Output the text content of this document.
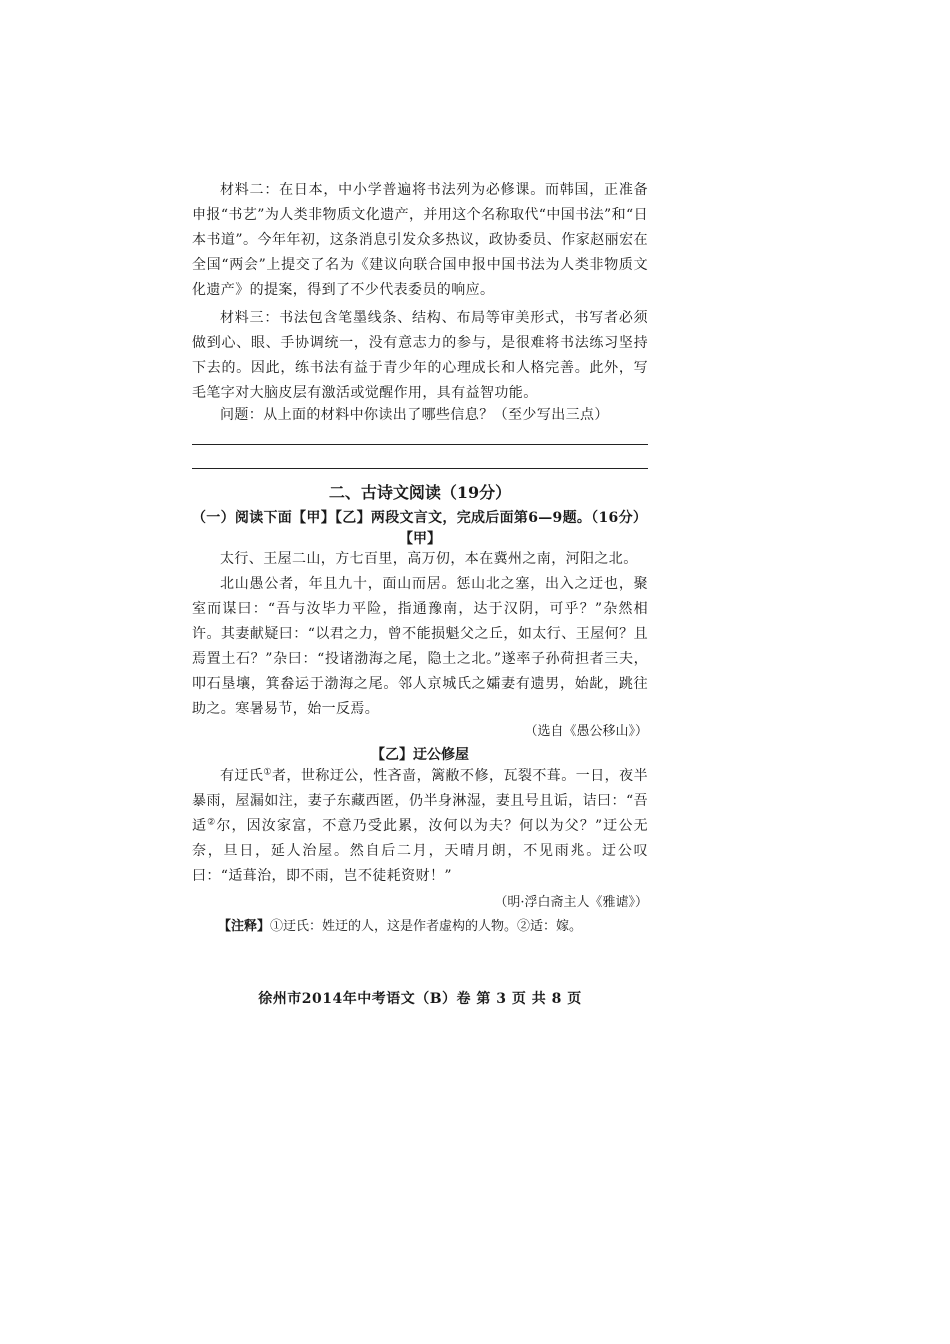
材料二：在日本，中小学普遍将书法列为必修课。而韩国，正准备申报“书艺”为人类非物质文化遗产，并用这个名称取代“中国书法”和“日本书道”。今年年初，这条消息引发众多热议，政协委员、作家赵丽宏在全国“两会”上提交了名为《建议向联合国申报中国书法为人类非物质文化遗产》的提案，得到了不少代表委员的响应。

材料三：书法包含笔墨线条、结构、布局等审美形式，书写者必须做到心、眼、手协调统一，没有意志力的参与，是很难将书法练习坚持下去的。因此，练书法有益于青少年的心理成长和人格完善。此外，写毛笔字对大脑皮层有激活或觉醒作用，具有益智功能。

问题：从上面的材料中你读出了哪些信息？（至少写出三点）

二、古诗文阅读（19分）

（一）阅读下面【甲】【乙】两段文言文，完成后面第6—9题。（16分）

【甲】

太行、王屋二山，方七百里，高万仞，本在冀州之南，河阳之北。

北山愚公者，年且九十，面山而居。惩山北之塞，出入之迂也，聚室而谋曰：“吾与汝毕力平险，指通豫南，达于汉阴，可乎？”杂然相许。其妻献疑曰：“以君之力，曾不能损魁父之丘，如太行、王屋何？且焉置土石？”杂曰：“投诸渤海之尾，隐土之北。”遂率子孙荷担者三夫，叩石垦壤，箕畚运于渤海之尾。邻人京城氏之孀妻有遗男，始龀，跳往助之。寒暑易节，始一反焉。

（选自《愚公移山》）

【乙】迂公修屋

有迂氏①者，世称迂公，性吝啬，篱敝不修，瓦裂不葺。一日，夜半暴雨，屋漏如注，妻子东藏西匿，仍半身淋湿，妻且号且诟，诘曰：“吾适②尔，因汝家富，不意乃受此累，汝何以为夫？何以为父？”迂公无奈，旦日，延人治屋。然自后二月，天晴月朗，不见雨兆。迂公叹曰：“适葺治，即不雨，岂不徒耗资财！”

（明·浮白斋主人《雅谑》）

【注释】①迂氏：姓迂的人，这是作者虚构的人物。②适：嫁。

徐州市2014年中考语文（B）卷 第 3 页 共 8 页
